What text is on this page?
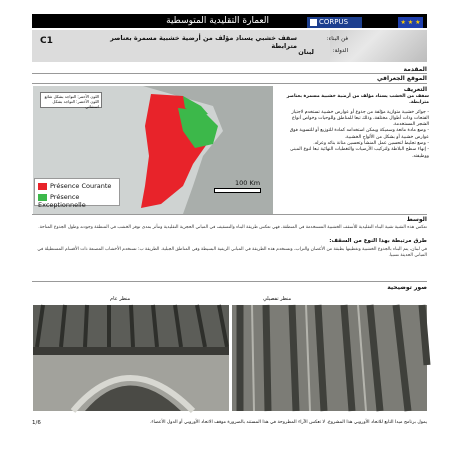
العمارة التقليدية المتوسطية	CORPUS	★ ★ ★	European Neighbourhood
C1	سقف خشبي يسناد مؤلف من أرضية خشبية مسمرة بعناصر مترابطة
فن البناء:
الدولة:
لبنان
المقدمة
الموقع الجغرافي
التعريف
اللون الأحمر: التواجد بشكل شائع
اللون الأخضر: التواجد بشكل استثنائي
Présence Courante
Présence Exceptionnelle
100 Km
سقف من الخشب يسناد مؤلف من أرضية خشبية مسمرة بعناصر مترابطة.
- جوائز خشبية متوازية مؤلفة من جذوع أو عوارض خشبية تستخدم لاجتياز الفتحات وذات أطوال مختلفة، وذلك تبعا للمناطق وللوحيات وخواص أنواع الشجر المستخدمة.
- وضع مادة مانعة وسميكة ويمكن استخدامه كمادة للتوزيع أو للتسوية فوق عوارض خشبية أو بشكل من الألواح الخشبية.
- وضع تجليط لتحسين عمل المنشأ وتحسين متانة بنائه وعزله.
- إنهاء سطح البلاطة ولتركيب الأرضيات والتغطيات النهائية تبعا لنوع المبنى ووظيفته.
الوسط
تعكس هذه التقنية تقنية البناء التقليدية للأسقف الخشبية المستخدمة في المنطقة، فهي تعكس طريقة البناء والتسقيف في المباني الحجرية التقليدية وتتأثر بمدى توفر الخشب في المنطقة وجودته وطول الجذوع المتاحة.
طرق مرتبطة بهذا النوع من السقف:
في لبنان، يتم البناء بالجذوع الخشبية وتغطيتها بطبقة من الأغصان والتراب، وتستخدم هذه الطريقة في المباني الريفية البسيطة وفي المناطق الجبلية. الطريقة ب: تستخدم الأخشاب المصنعة ذات الأقسام المستطيلة في المباني الحديثة نسبيا.
صور توضيحية
منظر عام	منظر تفصيلي
1/6	يمول برنامج ميدا التابع للاتحاد الأوروبي هذا المشروع. لا تعكس الآراء المطروحة في هذا المستند بالضرورة موقف الاتحاد الأوروبي أو الدول الأعضاء.
